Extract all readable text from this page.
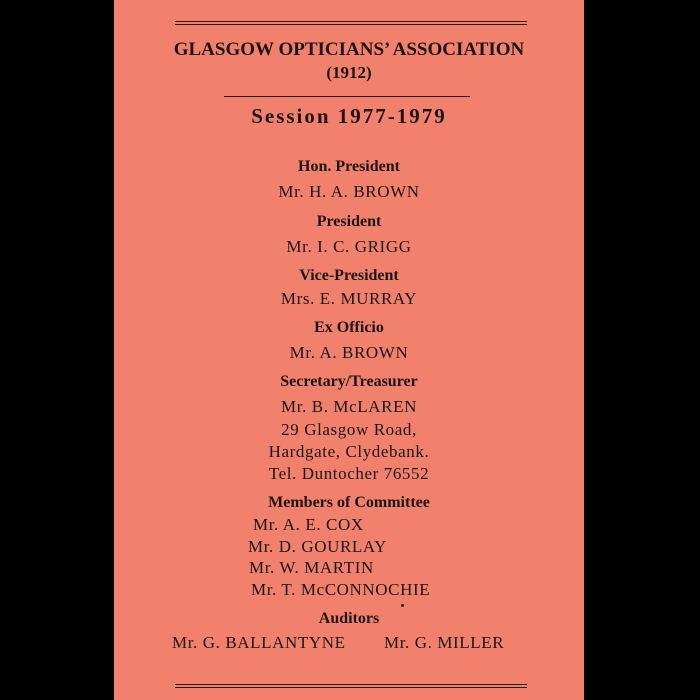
GLASGOW OPTICIANS’ ASSOCIATION
(1912)
Session 1977-1979
Hon. President
Mr. H. A. BROWN
President
Mr. I. C. GRIGG
Vice-President
Mrs. E. MURRAY
Ex Officio
Mr. A. BROWN
Secretary/Treasurer
Mr. B. McLAREN
29 Glasgow Road,
Hardgate, Clydebank.
Tel. Duntocher 76552
Members of Committee
Mr. A. E. COX
Mr. D. GOURLAY
Mr. W. MARTIN
Mr. T. McCONNOCHIE
Auditors
Mr. G. BALLANTYNE Mr. G. MILLER
